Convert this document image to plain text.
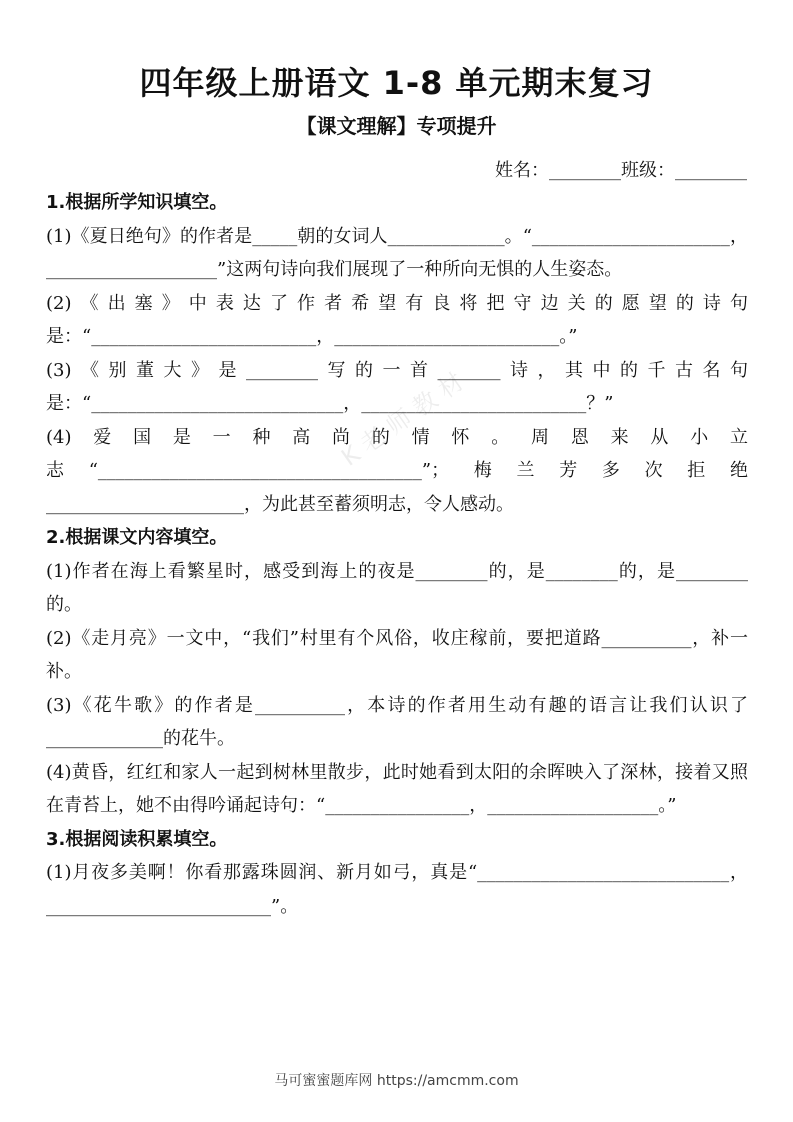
四年级上册语文 1-8 单元期末复习
【课文理解】专项提升
姓名：________班级：________
K 老 师 教 材
1.根据所学知识填空。
(1)《夏日绝句》的作者是_____朝的女词人_____________。“______________________，___________________”这两句诗向我们展现了一种所向无惧的人生姿态。
(2)《出塞》中表达了作者希望有良将把守边关的愿望的诗句是：“_________________________，_________________________。”
(3)《别董大》是________写的一首_______诗，其中的千古名句是：“____________________________，_________________________？”
(4)爱国是一种高尚的情怀。周恩来从小立志“____________________________________”；梅兰芳多次拒绝______________________，为此甚至蓄须明志，令人感动。
2.根据课文内容填空。
(1)作者在海上看繁星时，感受到海上的夜是________的，是________的，是________的。
(2)《走月亮》一文中，“我们”村里有个风俗，收庄稼前，要把道路__________，补一补。
(3)《花牛歌》的作者是__________，本诗的作者用生动有趣的语言让我们认识了_____________的花牛。
(4)黄昏，红红和家人一起到树林里散步，此时她看到太阳的余晖映入了深林，接着又照在青苔上，她不由得吟诵起诗句：“________________，___________________。”
3.根据阅读积累填空。
(1)月夜多美啊！你看那露珠圆润、新月如弓，真是“____________________________，_________________________”。
马可蜜蜜题库网 https://amcmm.com
